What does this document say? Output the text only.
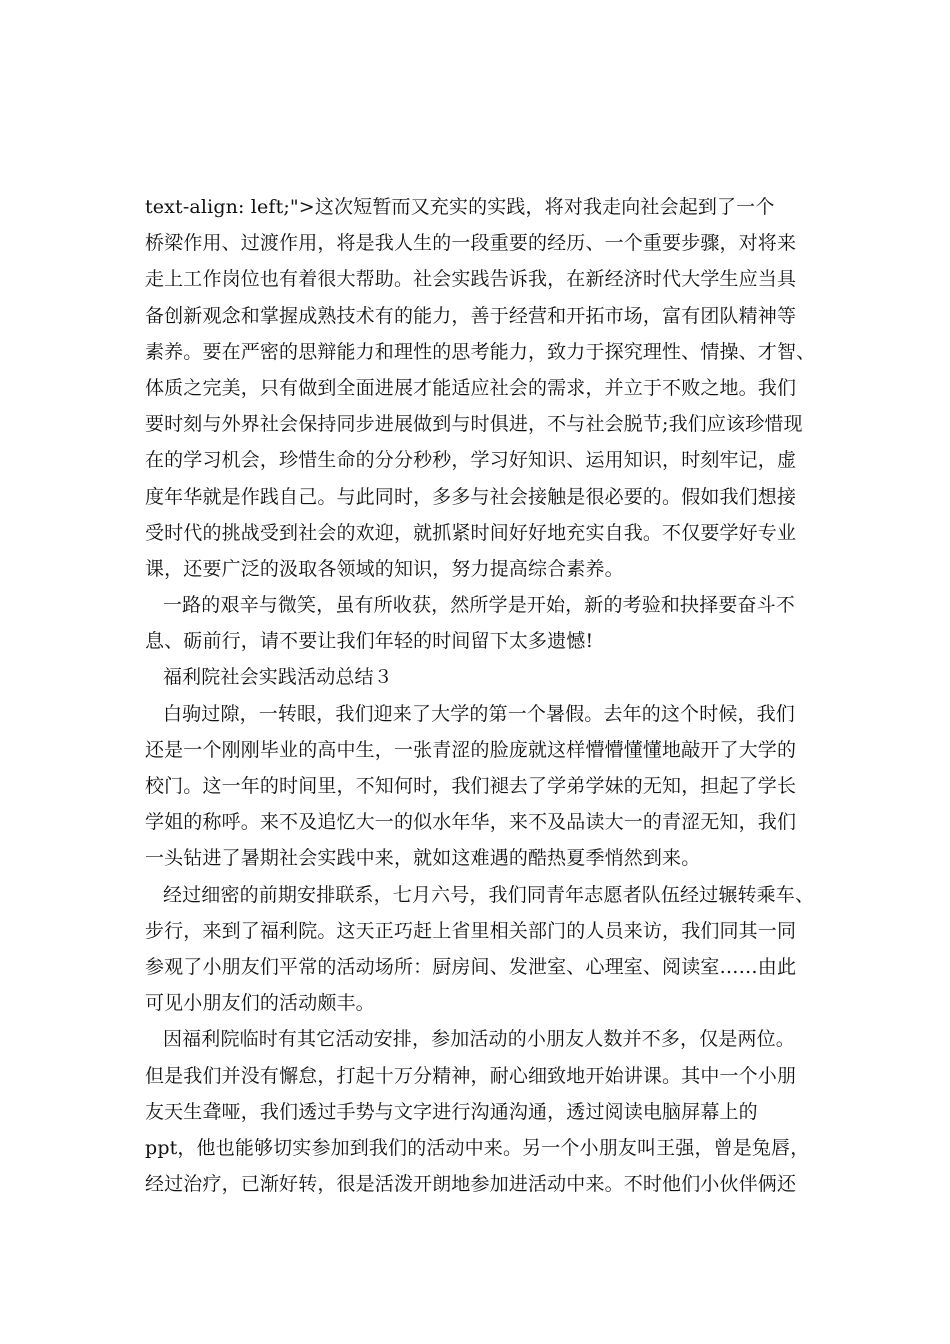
text-align: left;">这次短暂而又充实的实践，将对我走向社会起到了一个
桥梁作用、过渡作用，将是我人生的一段重要的经历、一个重要步骤，对将来
走上工作岗位也有着很大帮助。社会实践告诉我，在新经济时代大学生应当具
备创新观念和掌握成熟技术有的能力，善于经营和开拓市场，富有团队精神等
素养。要在严密的思辩能力和理性的思考能力，致力于探究理性、情操、才智、
体质之完美，只有做到全面进展才能适应社会的需求，并立于不败之地。我们
要时刻与外界社会保持同步进展做到与时俱进，不与社会脱节;我们应该珍惜现
在的学习机会，珍惜生命的分分秒秒，学习好知识、运用知识，时刻牢记，虚
度年华就是作践自己。与此同时，多多与社会接触是很必要的。假如我们想接
受时代的挑战受到社会的欢迎，就抓紧时间好好地充实自我。不仅要学好专业
课，还要广泛的汲取各领域的知识，努力提高综合素养。
一路的艰辛与微笑，虽有所收获，然所学是开始，新的考验和抉择要奋斗不
息、砺前行，请不要让我们年轻的时间留下太多遗憾!
福利院社会实践活动总结３
白驹过隙，一转眼，我们迎来了大学的第一个暑假。去年的这个时候，我们
还是一个刚刚毕业的高中生，一张青涩的脸庞就这样懵懵懂懂地敲开了大学的
校门。这一年的时间里，不知何时，我们褪去了学弟学妹的无知，担起了学长
学姐的称呼。来不及追忆大一的似水年华，来不及品读大一的青涩无知，我们
一头钻进了暑期社会实践中来，就如这难遇的酷热夏季悄然到来。
经过细密的前期安排联系，七月六号，我们同青年志愿者队伍经过辗转乘车、
步行，来到了福利院。这天正巧赶上省里相关部门的人员来访，我们同其一同
参观了小朋友们平常的活动场所：厨房间、发泄室、心理室、阅读室……由此
可见小朋友们的活动颇丰。
因福利院临时有其它活动安排，参加活动的小朋友人数并不多，仅是两位。
但是我们并没有懈怠，打起十万分精神，耐心细致地开始讲课。其中一个小朋
友天生聋哑，我们透过手势与文字进行沟通沟通，透过阅读电脑屏幕上的
ppt，他也能够切实参加到我们的活动中来。另一个小朋友叫王强，曾是兔唇，
经过治疗，已渐好转，很是活泼开朗地参加进活动中来。不时他们小伙伴俩还
